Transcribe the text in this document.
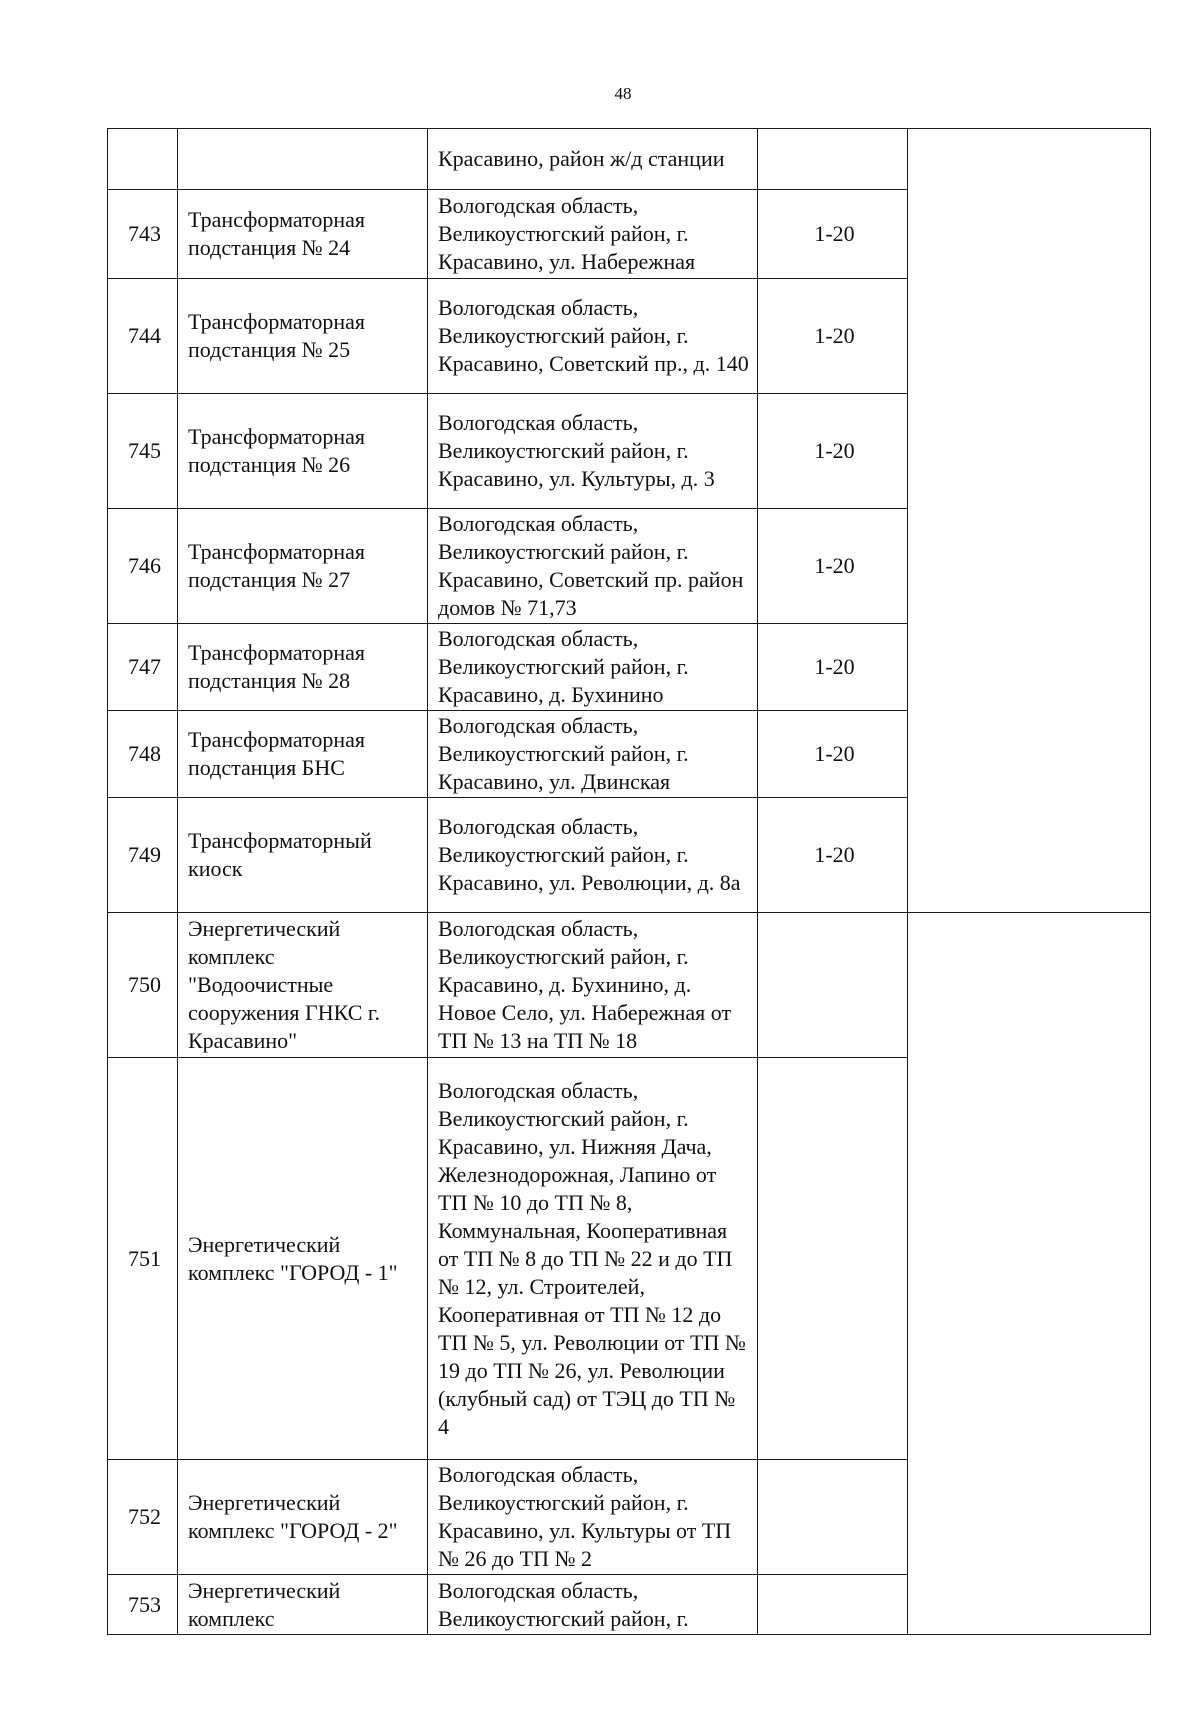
48
		Красавино, район ж/д станции		
743	Трансформаторная подстанция № 24	Вологодская область, Великоустюгский район, г. Красавино, ул. Набережная	1-20	
744	Трансформаторная подстанция № 25	Вологодская область, Великоустюгский район, г. Красавино, Советский пр., д. 140	1-20	
745	Трансформаторная подстанция № 26	Вологодская область, Великоустюгский район, г. Красавино, ул. Культуры, д. 3	1-20	
746	Трансформаторная подстанция № 27	Вологодская область, Великоустюгский район, г. Красавино, Советский пр. район домов № 71,73	1-20	
747	Трансформаторная подстанция № 28	Вологодская область, Великоустюгский район, г. Красавино, д. Бухинино	1-20	
748	Трансформаторная подстанция БНС	Вологодская область, Великоустюгский район, г. Красавино, ул. Двинская	1-20	
749	Трансформаторный киоск	Вологодская область, Великоустюгский район, г. Красавино, ул. Революции, д. 8а	1-20	
750	Энергетический комплекс "Водоочистные сооружения ГНКС г. Красавино"	Вологодская область, Великоустюгский район, г. Красавино, д. Бухинино, д. Новое Село, ул. Набережная от ТП № 13 на ТП № 18		
751	Энергетический комплекс "ГОРОД - 1"	Вологодская область, Великоустюгский район, г. Красавино, ул. Нижняя Дача, Железнодорожная, Лапино от ТП № 10 до ТП № 8, Коммунальная, Кооперативная от ТП № 8 до ТП № 22 и до ТП № 12, ул. Строителей, Кооперативная от ТП № 12 до ТП № 5, ул. Революции от ТП № 19 до ТП № 26, ул. Революции (клубный сад) от ТЭЦ до ТП № 4		
752	Энергетический комплекс "ГОРОД - 2"	Вологодская область, Великоустюгский район, г. Красавино, ул. Культуры от ТП № 26 до ТП № 2		
753	Энергетический комплекс	Вологодская область, Великоустюгский район, г.		
